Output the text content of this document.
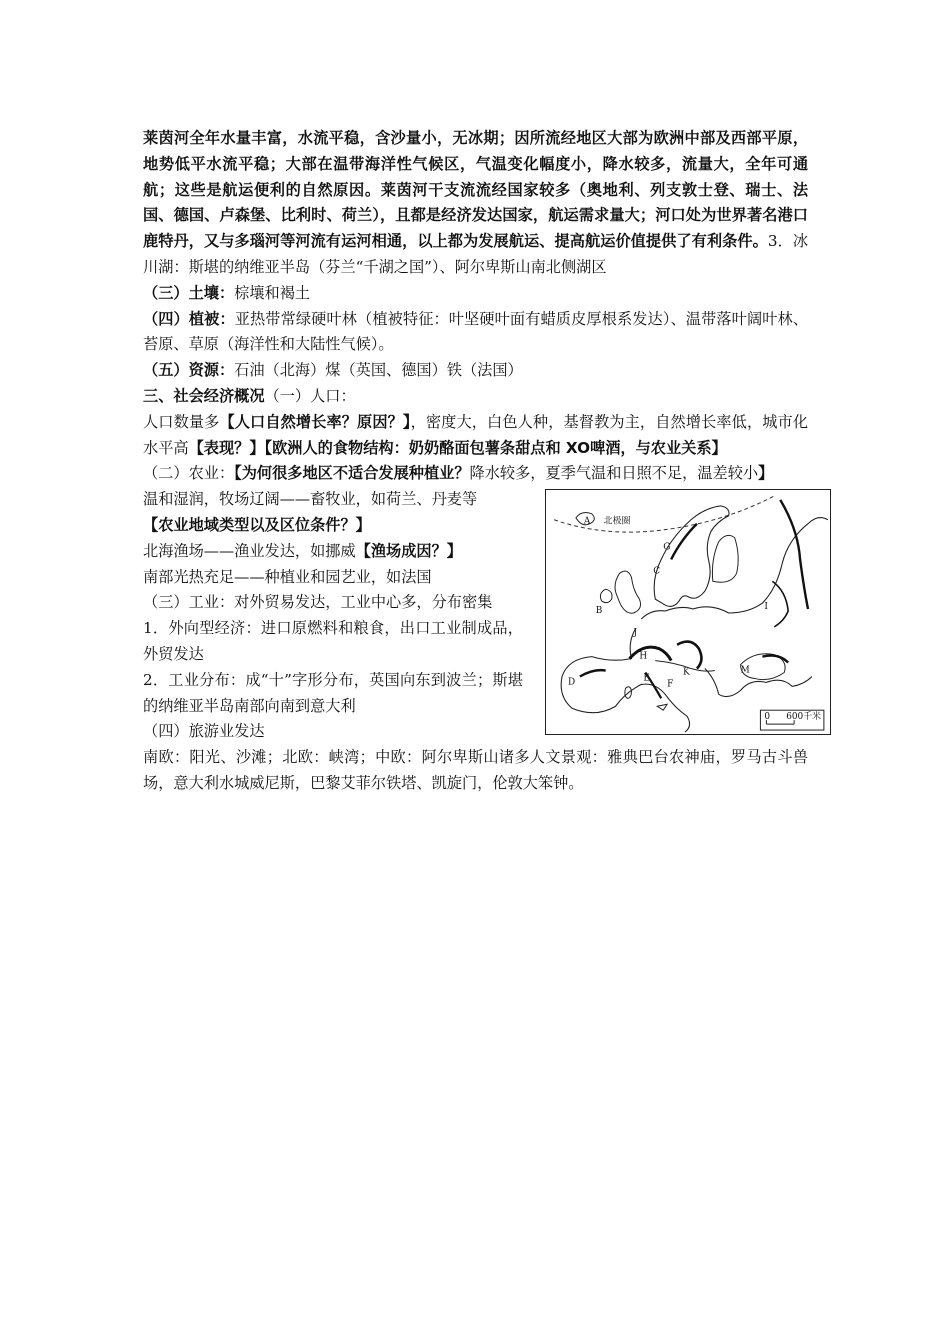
莱茵河全年水量丰富，水流平稳，含沙量小，无冰期；因所流经地区大部为欧洲中部及西部平原，地势低平水流平稳；大部在温带海洋性气候区，气温变化幅度小，降水较多，流量大，全年可通航；这些是航运便利的自然原因。莱茵河干支流流经国家较多（奥地利、列支敦士登、瑞士、法国、德国、卢森堡、比利时、荷兰），且都是经济发达国家，航运需求量大；河口处为世界著名港口鹿特丹，又与多瑙河等河流有运河相通，以上都为发展航运、提高航运价值提供了有利条件。3．冰川湖：斯堪的纳维亚半岛（芬兰“千湖之国”）、阿尔卑斯山南北侧湖区

（三）土壤：棕壤和褐土

（四）植被：亚热带常绿硬叶林（植被特征：叶坚硬叶面有蜡质皮厚根系发达）、温带落叶阔叶林、苔原、草原（海洋性和大陆性气候）。

（五）资源：石油（北海）煤（英国、德国）铁（法国）

三、社会经济概况（一）人口：

人口数量多【人口自然增长率？原因？】，密度大，白色人种，基督教为主，自然增长率低，城市化水平高【表现？】【欧洲人的食物结构：奶奶酪面包薯条甜点和 XO啤酒，与农业关系】

（二）农业：【为何很多地区不适合发展种植业？降水较多，夏季气温和日照不足，温差较小】

温和湿润，牧场辽阔——畜牧业，如荷兰、丹麦等

【农业地域类型以及区位条件？】

北海渔场——渔业发达，如挪威【渔场成因？】

南部光热充足——种植业和园艺业，如法国

（三）工业：对外贸易发达，工业中心多，分布密集

1．外向型经济：进口原燃料和粮食，出口工业制成品，外贸发达

2．工业分布：成“十”字形分布，英国向东到波兰；斯堪的纳维亚半岛南部向南到意大利

（四）旅游业发达

北极圈
A
B
C
D	E
F
G
H
I
J
K	M
0 600千米

南欧：阳光、沙滩；北欧：峡湾；中欧：阿尔卑斯山诸多人文景观：雅典巴台农神庙，罗马古斗兽场，意大利水城威尼斯，巴黎艾菲尔铁塔、凯旋门，伦敦大笨钟。
